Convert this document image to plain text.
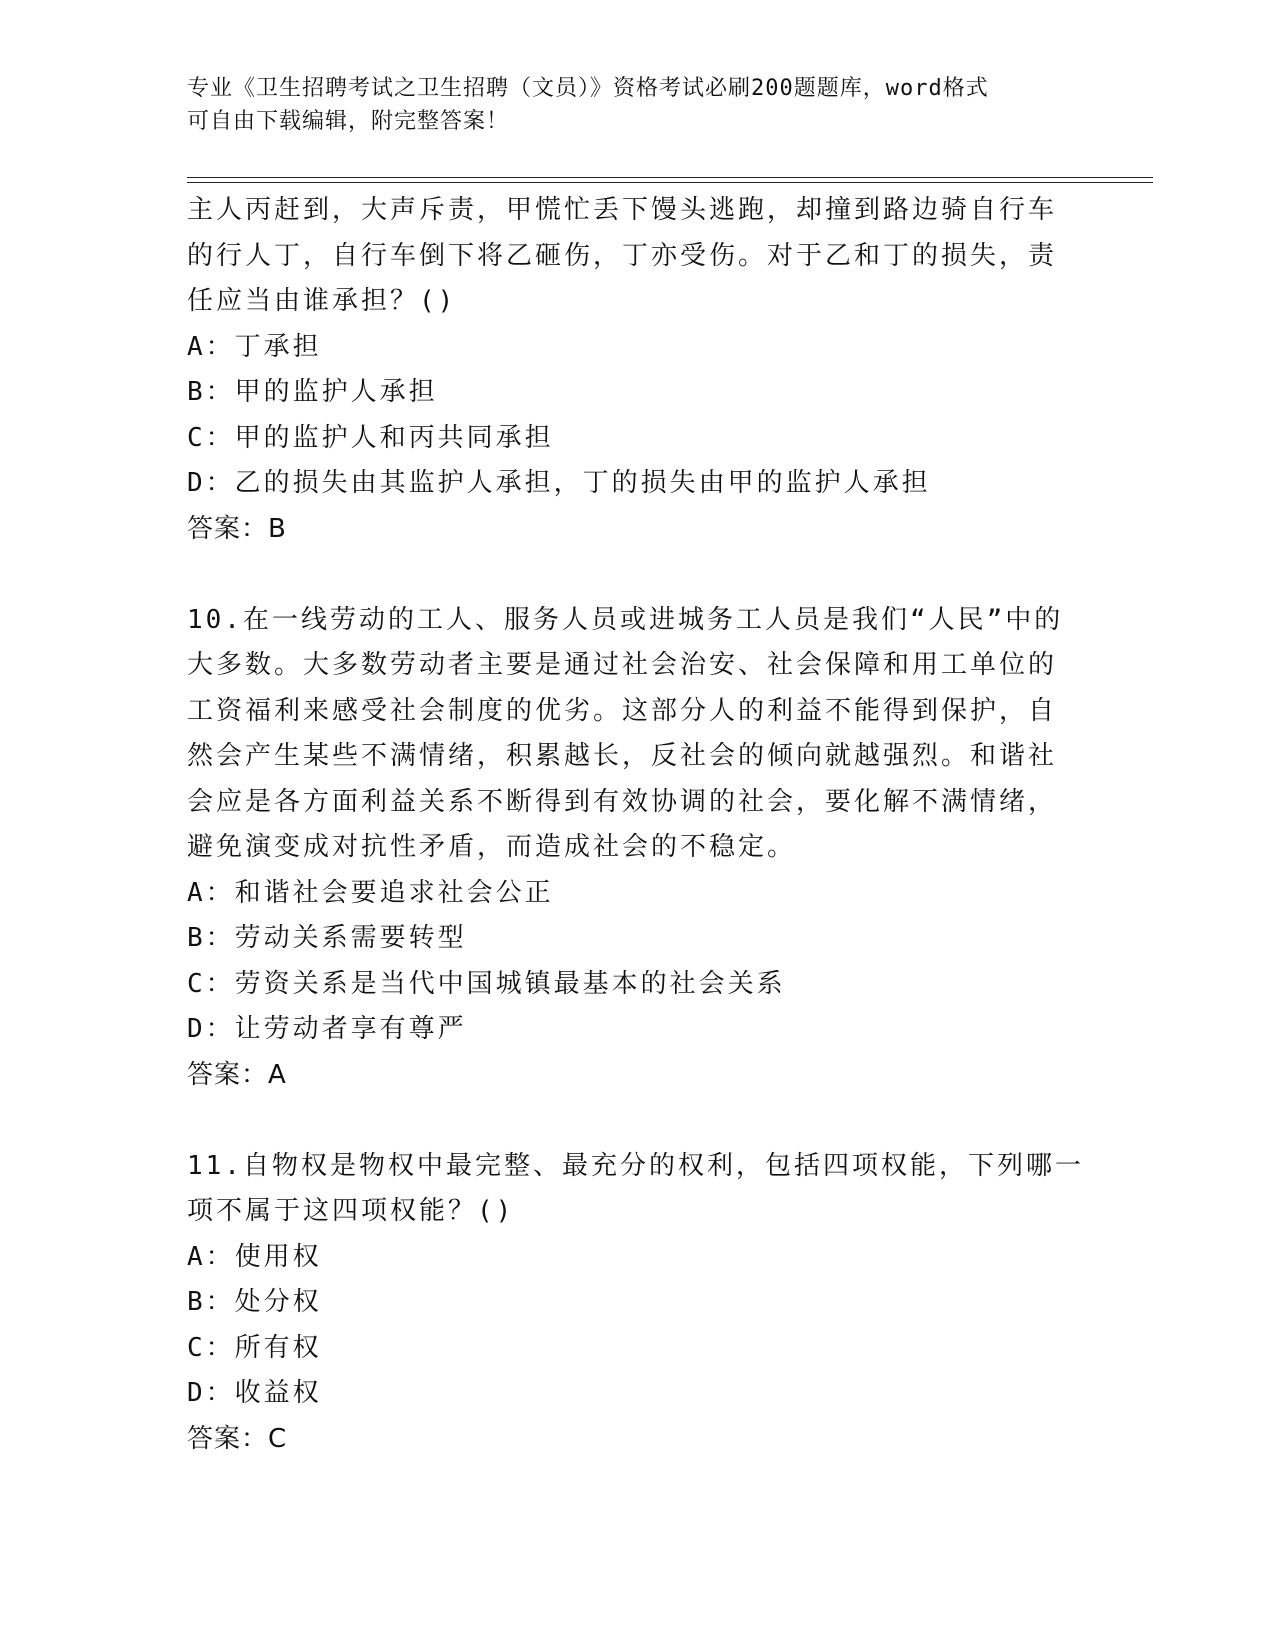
专业《卫生招聘考试之卫生招聘（文员）》资格考试必刷200题题库，word格式
可自由下载编辑，附完整答案！
主人丙赶到，大声斥责，甲慌忙丢下馒头逃跑，却撞到路边骑自行车
的行人丁，自行车倒下将乙砸伤，丁亦受伤。对于乙和丁的损失，责
任应当由谁承担？()
A：丁承担
B：甲的监护人承担
C：甲的监护人和丙共同承担
D：乙的损失由其监护人承担，丁的损失由甲的监护人承担
答案：B
10.在一线劳动的工人、服务人员或进城务工人员是我们“人民”中的
大多数。大多数劳动者主要是通过社会治安、社会保障和用工单位的
工资福利来感受社会制度的优劣。这部分人的利益不能得到保护，自
然会产生某些不满情绪，积累越长，反社会的倾向就越强烈。和谐社
会应是各方面利益关系不断得到有效协调的社会，要化解不满情绪，
避免演变成对抗性矛盾，而造成社会的不稳定。
A：和谐社会要追求社会公正
B：劳动关系需要转型
C：劳资关系是当代中国城镇最基本的社会关系
D：让劳动者享有尊严
答案：A
11.自物权是物权中最完整、最充分的权利，包括四项权能，下列哪一
项不属于这四项权能？()
A：使用权
B：处分权
C：所有权
D：收益权
答案：C
